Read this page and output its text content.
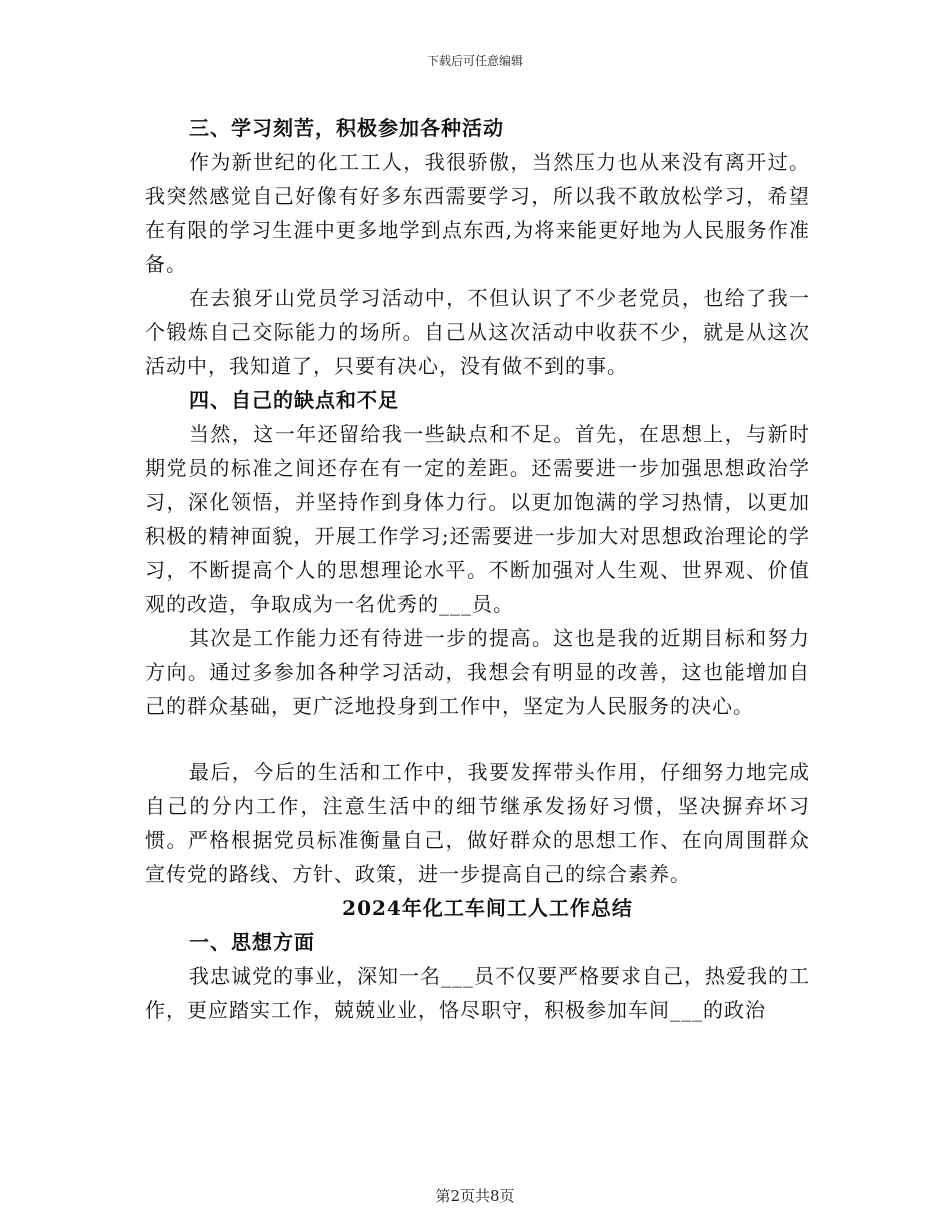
下载后可任意编辑

三、学习刻苦，积极参加各种活动

作为新世纪的化工工人，我很骄傲，当然压力也从来没有离开过。我突然感觉自己好像有好多东西需要学习，所以我不敢放松学习，希望在有限的学习生涯中更多地学到点东西,为将来能更好地为人民服务作准备。

在去狼牙山党员学习活动中，不但认识了不少老党员，也给了我一个锻炼自己交际能力的场所。自己从这次活动中收获不少，就是从这次活动中，我知道了，只要有决心，没有做不到的事。

四、自己的缺点和不足

当然，这一年还留给我一些缺点和不足。首先，在思想上，与新时期党员的标准之间还存在有一定的差距。还需要进一步加强思想政治学习，深化领悟，并坚持作到身体力行。以更加饱满的学习热情，以更加积极的精神面貌，开展工作学习;还需要进一步加大对思想政治理论的学习，不断提高个人的思想理论水平。不断加强对人生观、世界观、价值观的改造，争取成为一名优秀的___员。

其次是工作能力还有待进一步的提高。这也是我的近期目标和努力方向。通过多参加各种学习活动，我想会有明显的改善，这也能增加自己的群众基础，更广泛地投身到工作中，坚定为人民服务的决心。

最后，今后的生活和工作中，我要发挥带头作用，仔细努力地完成自己的分内工作，注意生活中的细节继承发扬好习惯，坚决摒弃坏习惯。严格根据党员标准衡量自己，做好群众的思想工作、在向周围群众宣传党的路线、方针、政策，进一步提高自己的综合素养。

2024年化工车间工人工作总结

一、思想方面

我忠诚党的事业，深知一名___员不仅要严格要求自己，热爱我的工作，更应踏实工作，兢兢业业，恪尽职守，积极参加车间___的政治

第2页共8页
